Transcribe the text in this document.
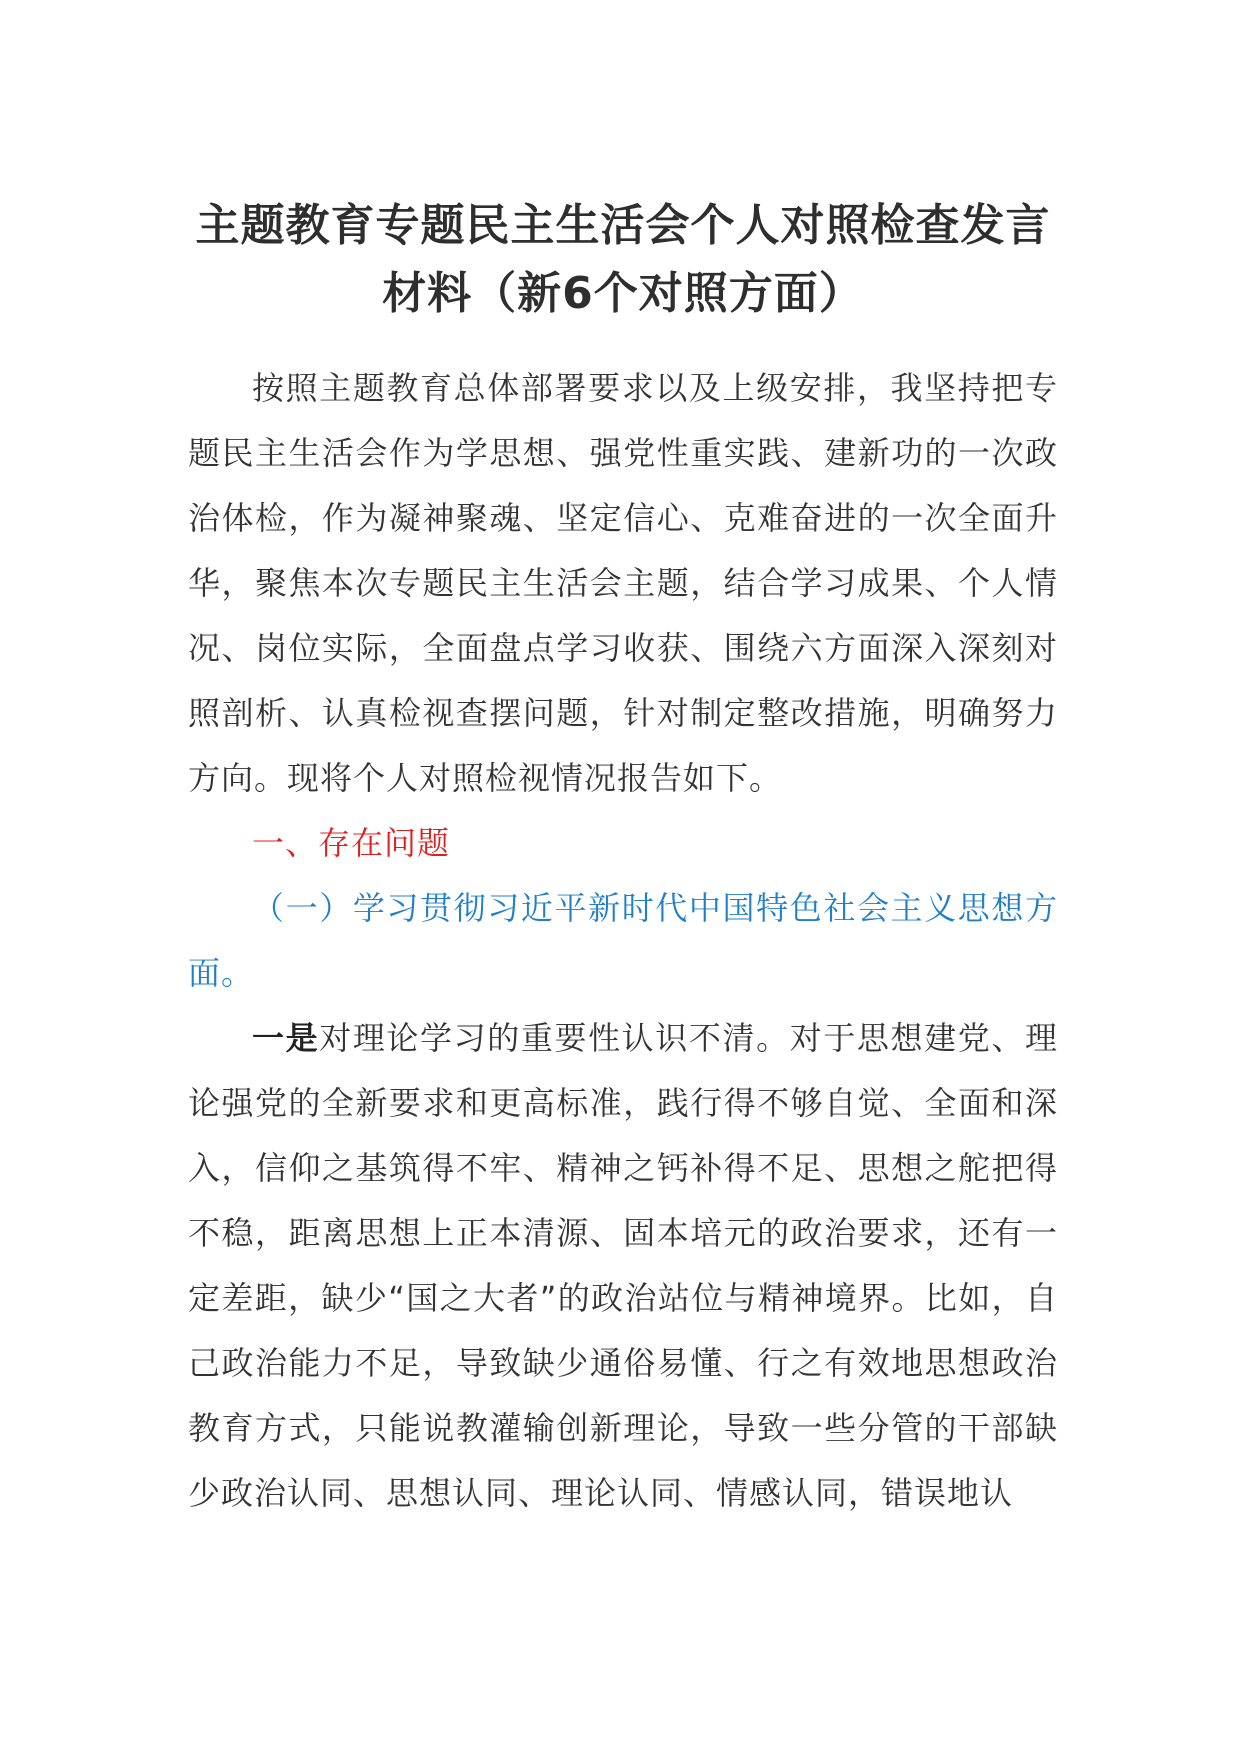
主题教育专题民主生活会个人对照检查发言
材料（新6个对照方面）

按照主题教育总体部署要求以及上级安排，我坚持把专题民主生活会作为学思想、强党性重实践、建新功的一次政治体检，作为凝神聚魂、坚定信心、克难奋进的一次全面升华，聚焦本次专题民主生活会主题，结合学习成果、个人情况、岗位实际，全面盘点学习收获、围绕六方面深入深刻对照剖析、认真检视查摆问题，针对制定整改措施，明确努力方向。现将个人对照检视情况报告如下。

一、存在问题

（一）学习贯彻习近平新时代中国特色社会主义思想方面。

一是对理论学习的重要性认识不清。对于思想建党、理论强党的全新要求和更高标准，践行得不够自觉、全面和深入，信仰之基筑得不牢、精神之钙补得不足、思想之舵把得不稳，距离思想上正本清源、固本培元的政治要求，还有一定差距，缺少“国之大者”的政治站位与精神境界。比如，自己政治能力不足，导致缺少通俗易懂、行之有效地思想政治教育方式，只能说教灌输创新理论，导致一些分管的干部缺少政治认同、思想认同、理论认同、情感认同，错误地认
